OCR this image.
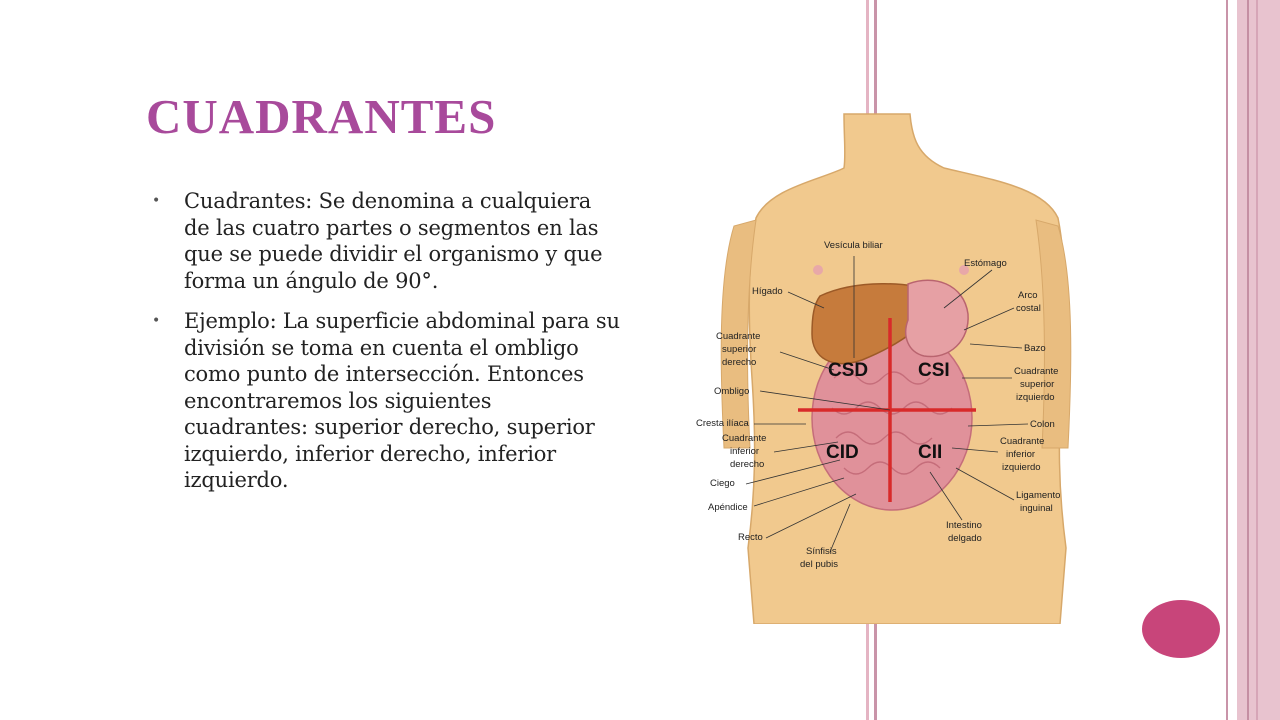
CUADRANTES
• Cuadrantes: Se denomina a cualquiera de las cuatro partes o segmentos en las que se puede dividir el organismo y que forma un ángulo de 90°.
• Ejemplo: La superficie abdominal para su división se toma en cuenta el ombligo como punto de intersección. Entonces encontraremos los siguientes cuadrantes: superior derecho, superior izquierdo, inferior derecho, inferior izquierdo.
CSD	CSI
CID	CII
Vesícula biliar
Estómago
Hígado	Arco
costal
Cuadrante
superior
derecho
Bazo
Cuadrante
superior
izquierdo
Ombligo
Cresta ilíaca	Colon
Cuadrante
inferior
derecho
Cuadrante
inferior
izquierdo
Ciego
Ligamento
inguinal
Apéndice
Intestino
delgado
Recto
Sínfisis
del pubis
